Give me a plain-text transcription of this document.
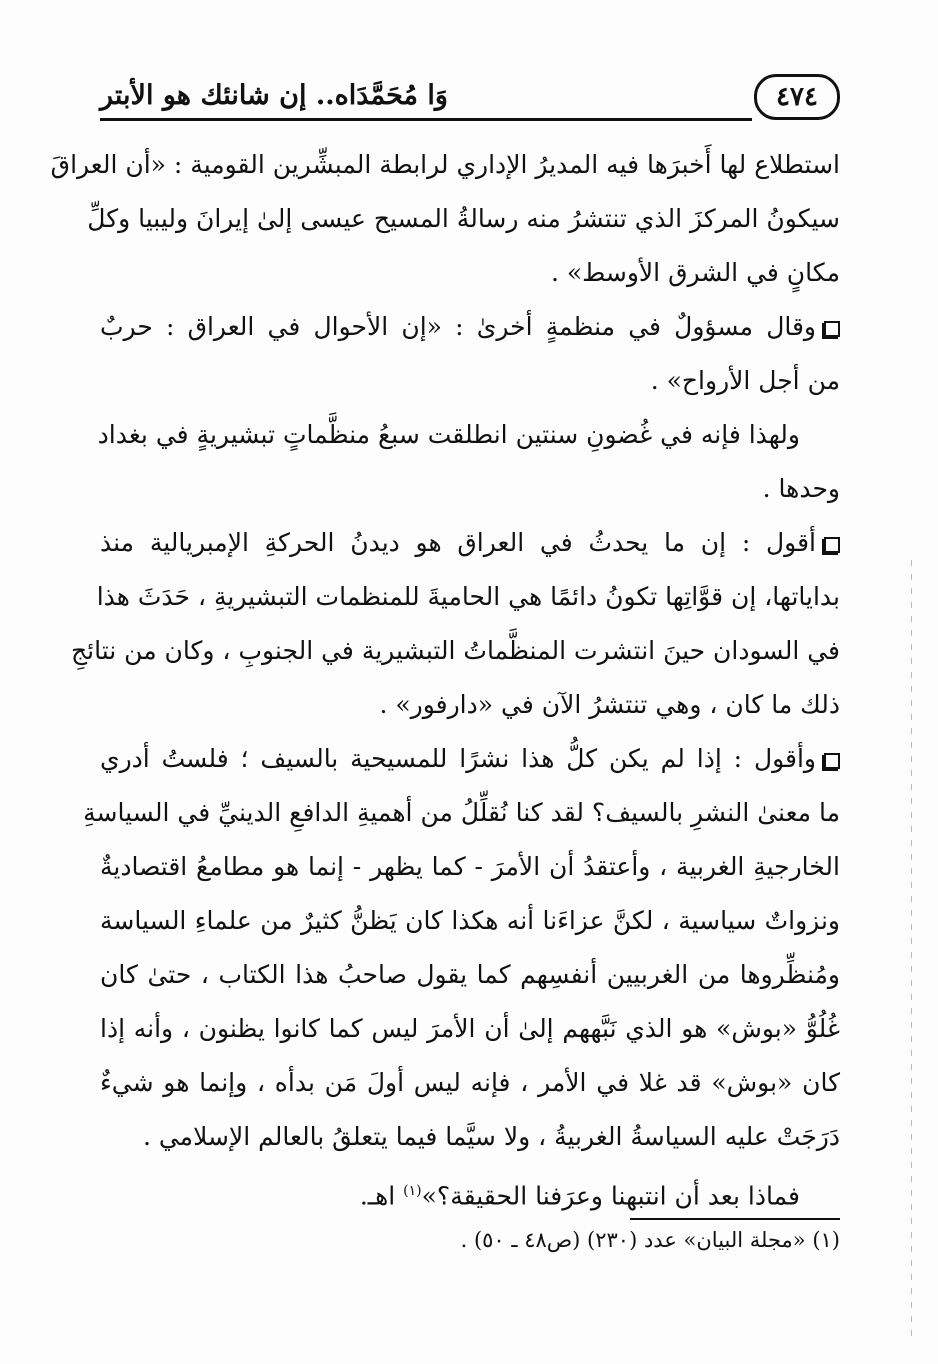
وَا مُحَمَّدَاه.. إن شانئك هو الأبتر	٤٧٤
استطلاع لها أَخبرَها فيه المديرُ الإداري لرابطة المبشِّرين القومية : «أن العراقَ
سيكونُ المركزَ الذي تنتشرُ منه رسالةُ المسيح عيسى إلىٰ إيرانَ وليبيا وكلِّ
مكانٍ في الشرق الأوسط» .
وقال مسؤولٌ في منظمةٍ أخرىٰ : «إن الأحوال في العراق : حربٌ
من أجل الأرواح» .
ولهذا فإنه في غُضونِ سنتين انطلقت سبعُ منظَّماتٍ تبشيريةٍ في بغداد
وحدها .
أقول : إن ما يحدثُ في العراق هو ديدنُ الحركةِ الإمبريالية منذ
بداياتها، إن قوَّاتِها تكونُ دائمًا هي الحاميةَ للمنظمات التبشيريةِ ، حَدَثَ هذا
في السودان حينَ انتشرت المنظَّماتُ التبشيرية في الجنوبِ ، وكان من نتائجِ
ذلك ما كان ، وهي تنتشرُ الآن في «دارفور» .
وأقول : إذا لم يكن كلُّ هذا نشرًا للمسيحية بالسيف ؛ فلستُ أدري
ما معنىٰ النشرِ بالسيف؟ لقد كنا نُقلِّلُ من أهميةِ الدافعِ الدينيِّ في السياسةِ
الخارجيةِ الغربية ، وأعتقدُ أن الأمرَ - كما يظهر - إنما هو مطامعُ اقتصاديةٌ
ونزواتٌ سياسية ، لكنَّ عزاءَنا أنه هكذا كان يَظنُّ كثيرٌ من علماءِ السياسة
ومُنظِّروها من الغربيين أنفسِهم كما يقول صاحبُ هذا الكتاب ، حتىٰ كان
غُلُوُّ «بوش» هو الذي نَبَّههم إلىٰ أن الأمرَ ليس كما كانوا يظنون ، وأنه إذا
كان «بوش» قد غلا في الأمر ، فإنه ليس أولَ مَن بدأه ، وإنما هو شيءٌ
دَرَجَتْ عليه السياسةُ الغربيةُ ، ولا سيَّما فيما يتعلقُ بالعالم الإسلامي .
فماذا بعد أن انتبهنا وعرَفنا الحقيقة؟»$^{(١)}$ اهـ.
(١) «مجلة البيان» عدد (٢٣٠) (ص٤٨ ـ ٥٠) .
